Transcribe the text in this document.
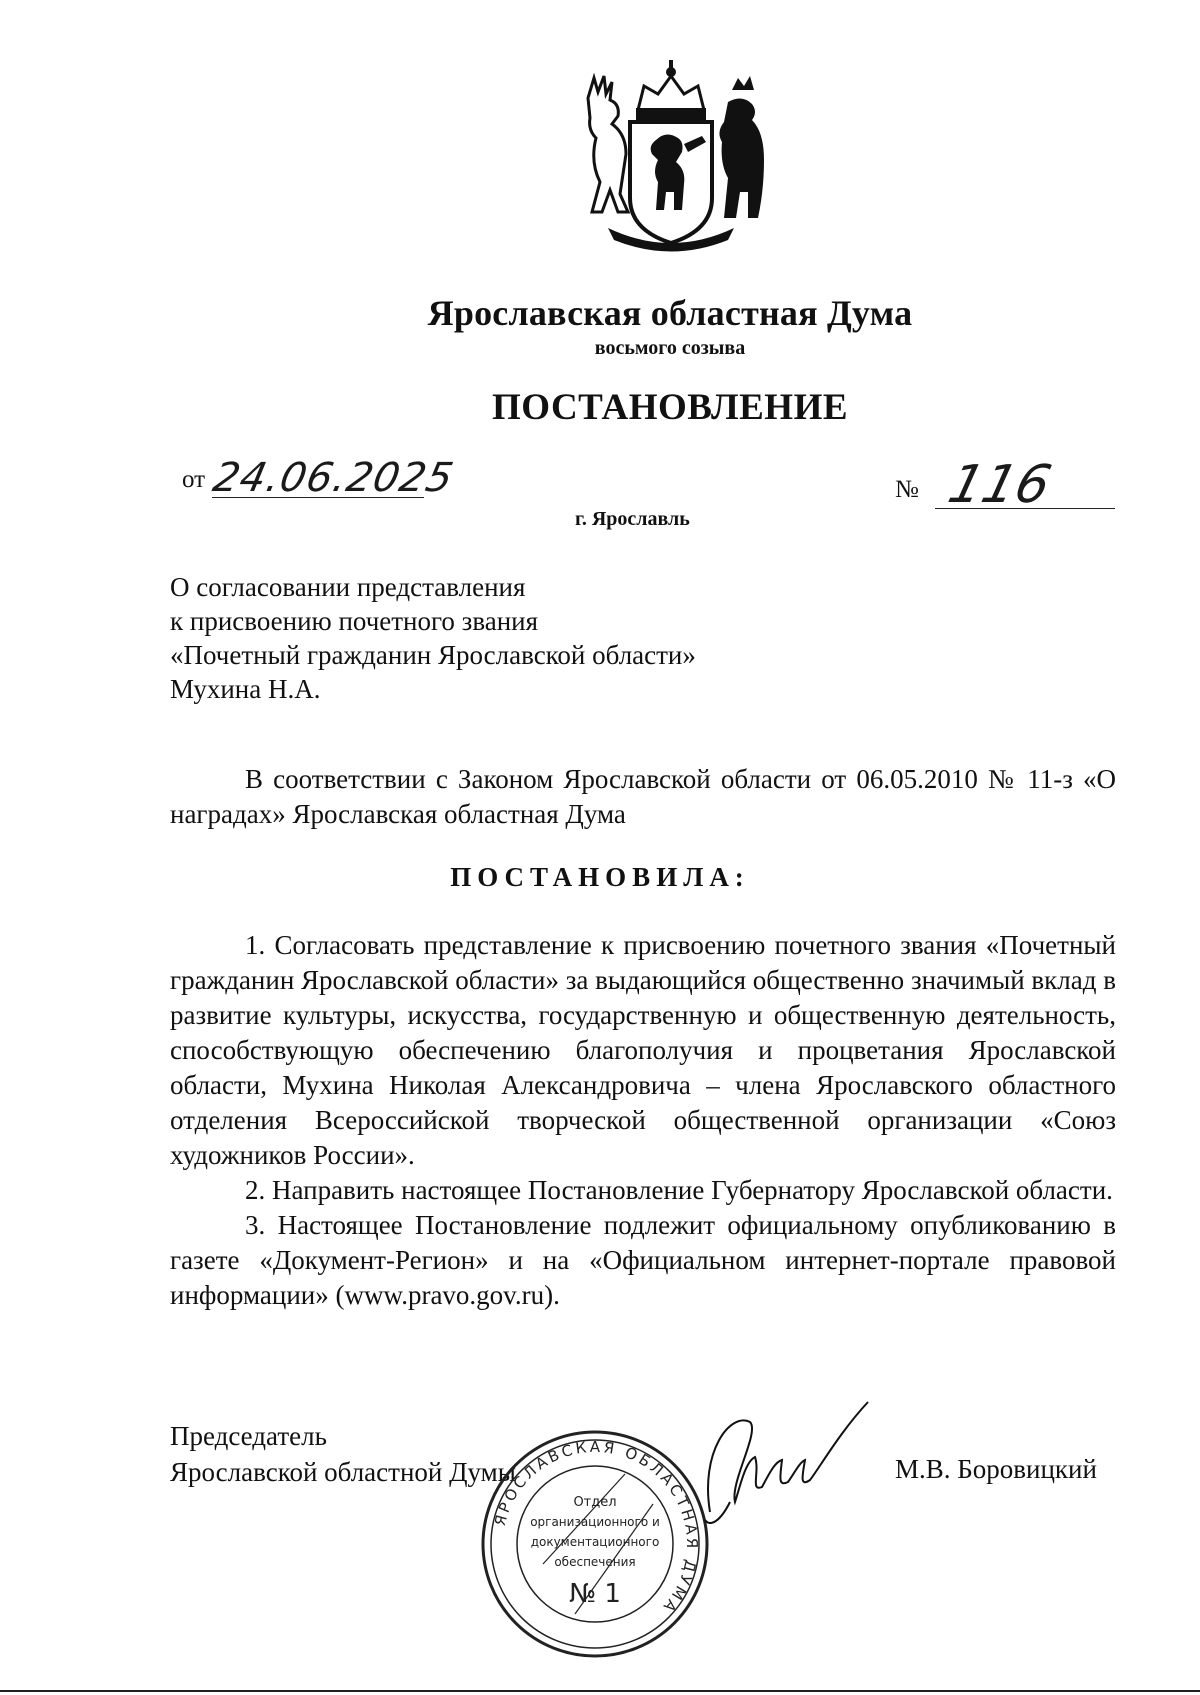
Ярославская областная Дума
восьмого созыва
ПОСТАНОВЛЕНИЕ
от 24.06.2025	№ 116
г. Ярославль
О согласовании представления
к присвоению почетного звания
«Почетный гражданин Ярославской области»
Мухина Н.А.

В соответствии с Законом Ярославской области от 06.05.2010 № 11-з «О наградах» Ярославская областная Дума

ПОСТАНОВИЛА:

1. Согласовать представление к присвоению почетного звания «Почетный гражданин Ярославской области» за выдающийся общественно значимый вклад в развитие культуры, искусства, государственную и общественную деятельность, способствующую обеспечению благополучия и процветания Ярославской области, Мухина Николая Александровича – члена Ярославского областного отделения Всероссийской творческой общественной организации «Союз художников России».

2. Направить настоящее Постановление Губернатору Ярославской области.

3. Настоящее Постановление подлежит официальному опубликованию в газете «Документ-Регион» и на «Официальном интернет-портале правовой информации» (www.pravo.gov.ru).

Председатель
Ярославской областной Думы	М.В. Боровицкий
ЯРОСЛАВСКАЯ ОБЛАСТНАЯ ДУМА
Отдел
организационного и
документационного
обеспечения
№ 1
